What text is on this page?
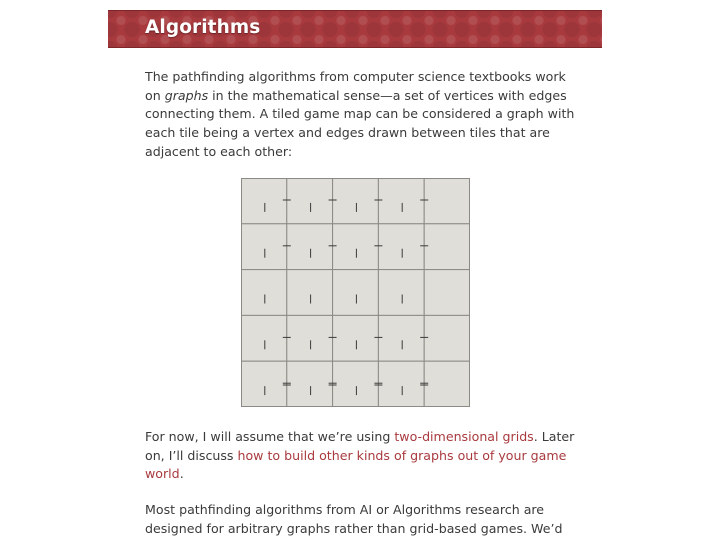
Algorithms

The pathfinding algorithms from computer science textbooks work on graphs in the mathematical sense—a set of vertices with edges connecting them. A tiled game map can be considered a graph with each tile being a vertex and edges drawn between tiles that are adjacent to each other:

For now, I will assume that we’re using two-dimensional grids. Later on, I’ll discuss how to build other kinds of graphs out of your game world.

Most pathfinding algorithms from AI or Algorithms research are designed for arbitrary graphs rather than grid-based games. We’d
